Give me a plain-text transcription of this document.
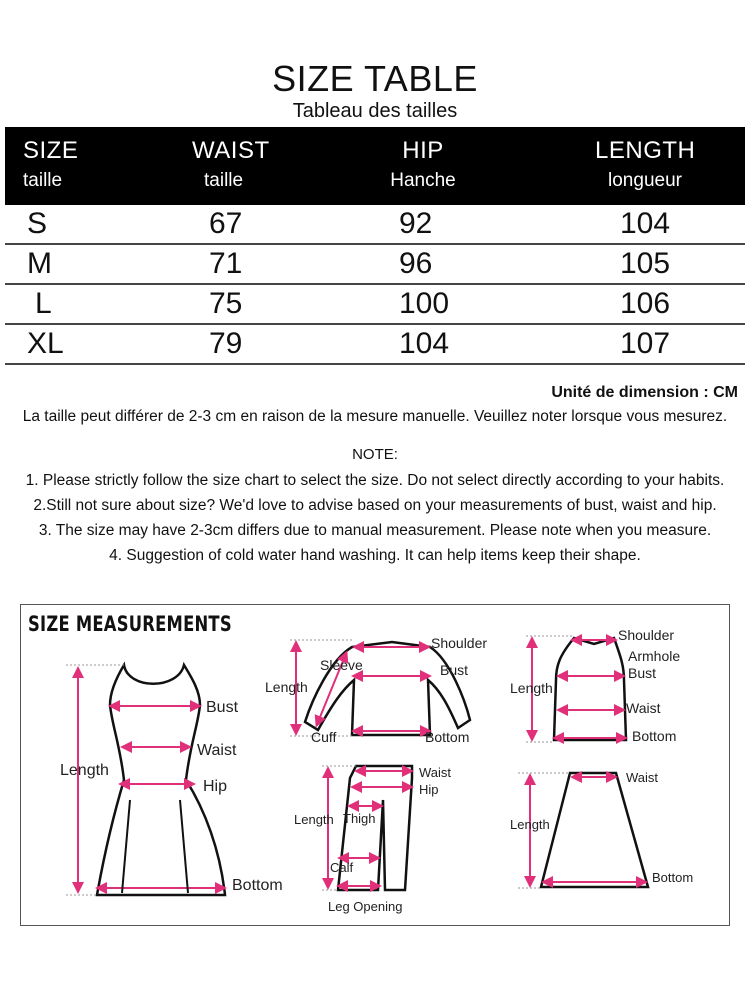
SIZE TABLE
Tableau des tailles
SIZE
taille
WAIST
taille
HIP
Hanche
LENGTH
longueur
S	67	92	104
M	71	96	105
L	75	100	106
XL	79	104	107
Unité de dimension : CM
La taille peut différer de 2-3 cm en raison de la mesure manuelle. Veuillez noter lorsque vous mesurez.
NOTE:
1. Please strictly follow the size chart to select the size. Do not select directly according to your habits.
2.Still not sure about size? We'd love to advise based on your measurements of bust, waist and hip.
3. The size may have 2-3cm differs due to manual measurement. Please note when you measure.
4. Suggestion of cold water hand washing. It can help items keep their shape.
SIZE MEASUREMENTS
Length
Bust
Waist
Hip
Bottom
Shoulder
Sleeve	Bust
Length
Cuff	Bottom
Shoulder
Armhole
Bust
Length
Waist
Bottom
Waist
Hip
Length Thigh
Calf
Leg Opening
Waist
Length
Bottom
